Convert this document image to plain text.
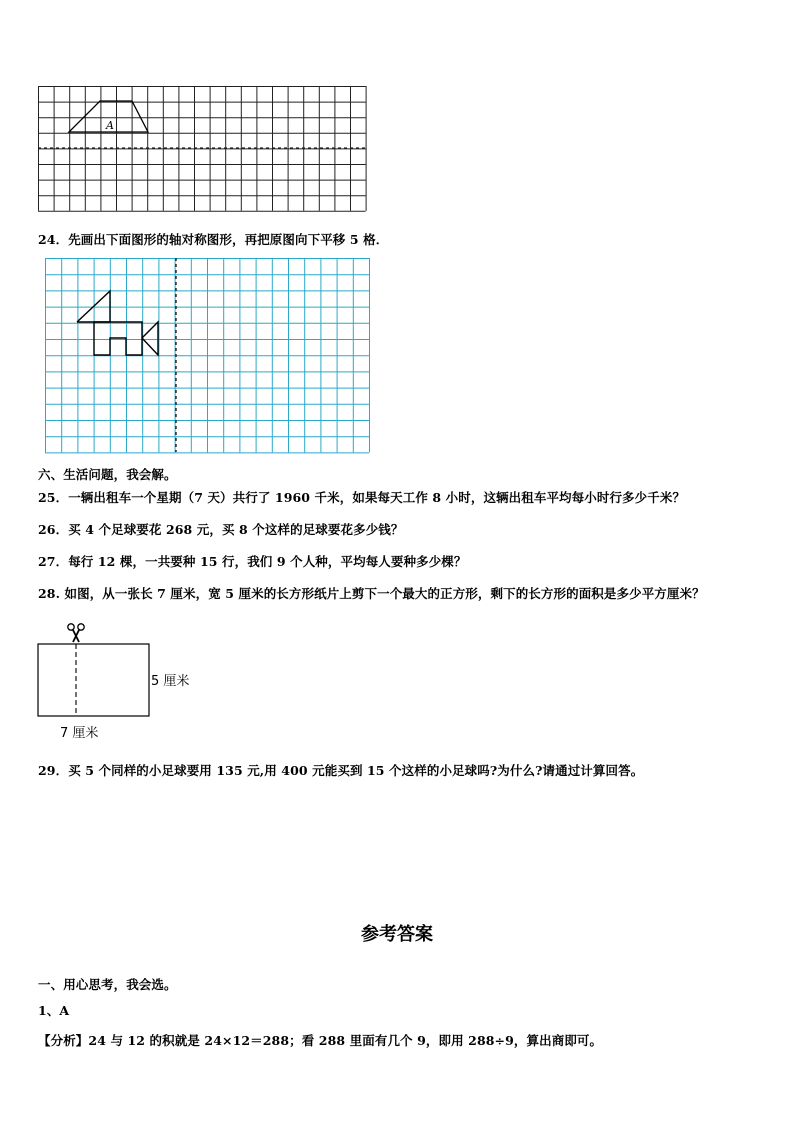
A
24．先画出下面图形的轴对称图形，再把原图向下平移 5 格．
六、生活问题，我会解。
25．一辆出租车一个星期（7 天）共行了 1960 千米，如果每天工作 8 小时，这辆出租车平均每小时行多少千米？
26．买 4 个足球要花 268 元，买 8 个这样的足球要花多少钱？
27．每行 12 棵，一共要种 15 行，我们 9 个人种，平均每人要种多少棵？
28. 如图，从一张长 7 厘米，宽 5 厘米的长方形纸片上剪下一个最大的正方形，剩下的长方形的面积是多少平方厘米？
5 厘米
7 厘米
29．买 5 个同样的小足球要用 135 元,用 400 元能买到 15 个这样的小足球吗?为什么?请通过计算回答。
参考答案
一、用心思考，我会选。
1、A
【分析】24 与 12 的积就是 24×12＝288；看 288 里面有几个 9，即用 288÷9，算出商即可。
